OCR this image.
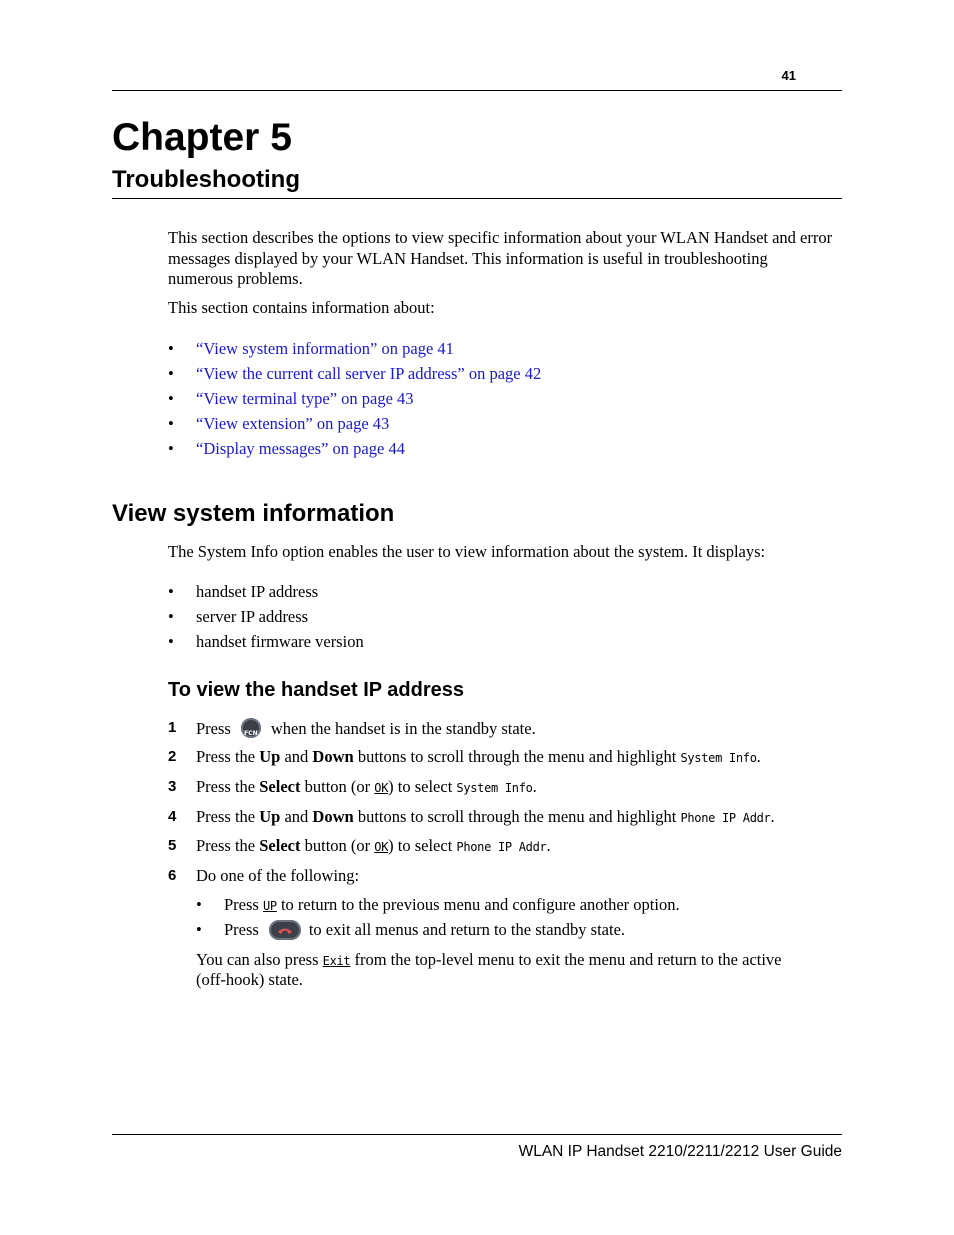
41
Chapter 5
Troubleshooting
This section describes the options to view specific information about your WLAN Handset and error messages displayed by your WLAN Handset. This information is useful in troubleshooting numerous problems.
This section contains information about:
• “View system information” on page 41
• “View the current call server IP address” on page 42
• “View terminal type” on page 43
• “View extension” on page 43
• “Display messages” on page 44
View system information
The System Info option enables the user to view information about the system. It displays:
• handset IP address
• server IP address
• handset firmware version
To view the handset IP address
1 Press	FCN when the handset is in the standby state.
2 Press the Up and Down buttons to scroll through the menu and highlight System Info.
3 Press the Select button (or OK) to select System Info.
4 Press the Up and Down buttons to scroll through the menu and highlight Phone IP Addr.
5 Press the Select button (or OK) to select Phone IP Addr.
6 Do one of the following:
• Press UP to return to the previous menu and configure another option.
• Press	to exit all menus and return to the standby state.
You can also press Exit from the top-level menu to exit the menu and return to the active
(off-hook) state.
WLAN IP Handset 2210/2211/2212 User Guide
